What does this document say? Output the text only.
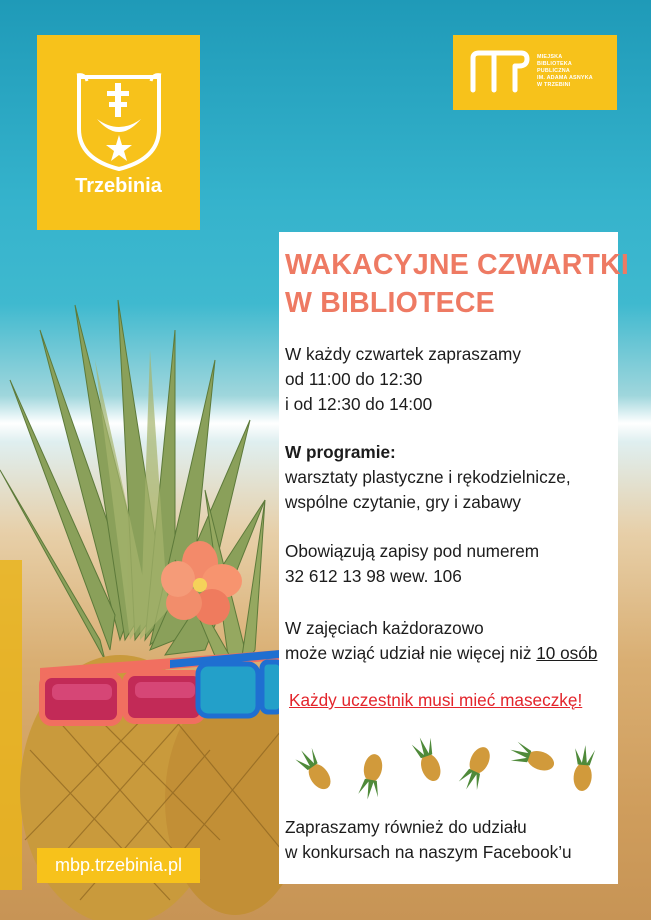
Trzebinia
MIEJSKA
BIBLIOTEKA
PUBLICZNA
IM. ADAMA ASNYKA
W TRZEBINI
WAKACYJNE CZWARTKI
W BIBLIOTECE
W każdy czwartek zapraszamy
od 11:00 do 12:30
i od 12:30 do 14:00
W programie:
warsztaty plastyczne i rękodzielnicze,
wspólne czytanie, gry i zabawy
Obowiązują zapisy pod numerem
32 612 13 98 wew. 106
W zajęciach każdorazowo
może wziąć udział nie więcej niż 10 osób
Każdy uczestnik musi mieć maseczkę!
Zapraszamy również do udziału
w konkursach na naszym Facebook’u
mbp.trzebinia.pl
